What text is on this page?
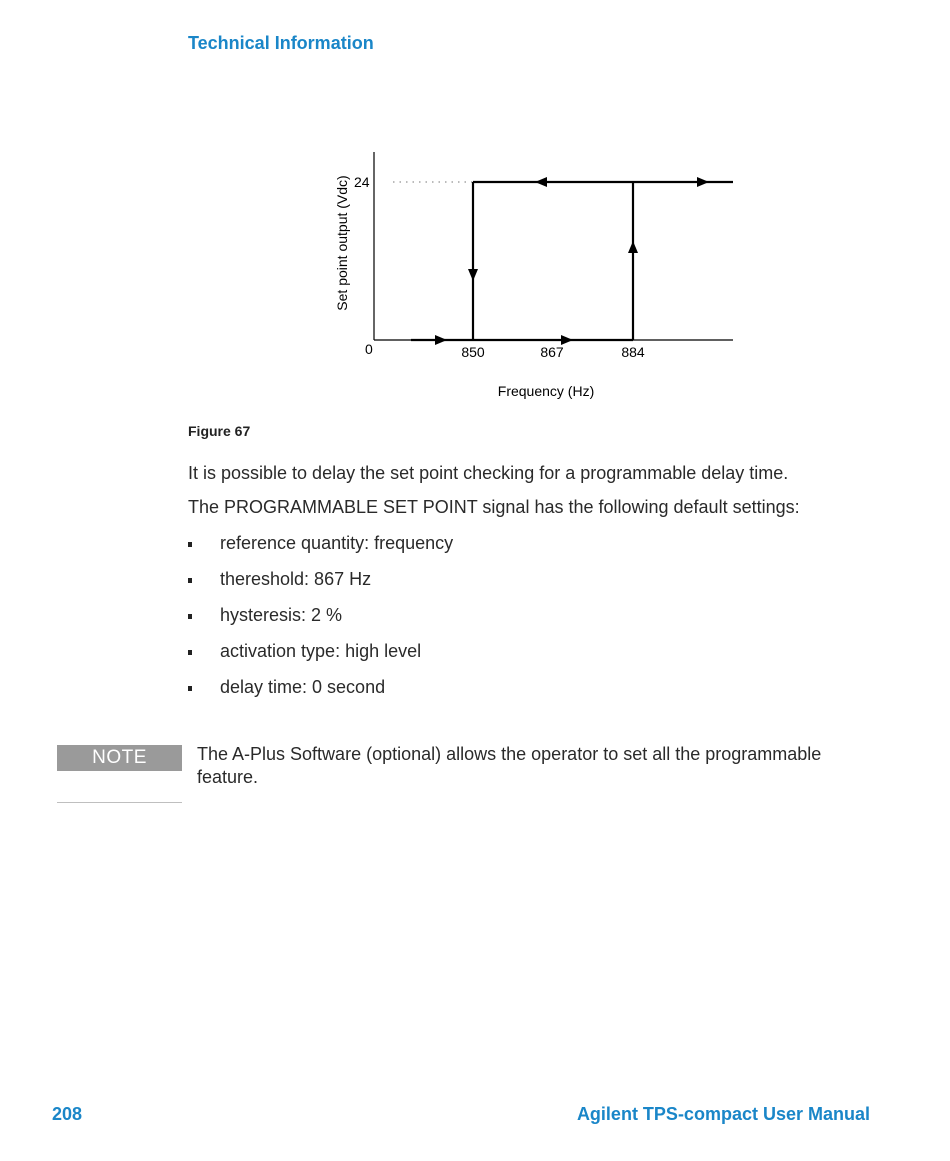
Technical Information
Set point output (Vdc) 24
0	850	867	884
Frequency (Hz)
Figure 67

It is possible to delay the set point checking for a programmable delay time.

The PROGRAMMABLE SET POINT signal has the following default settings:

reference quantity: frequency
thereshold: 867 Hz
hysteresis: 2 %
activation type: high level
delay time: 0 second
NOTE	The A-Plus Software (optional) allows the operator to set all the programmable feature.

208	Agilent TPS-compact User Manual
